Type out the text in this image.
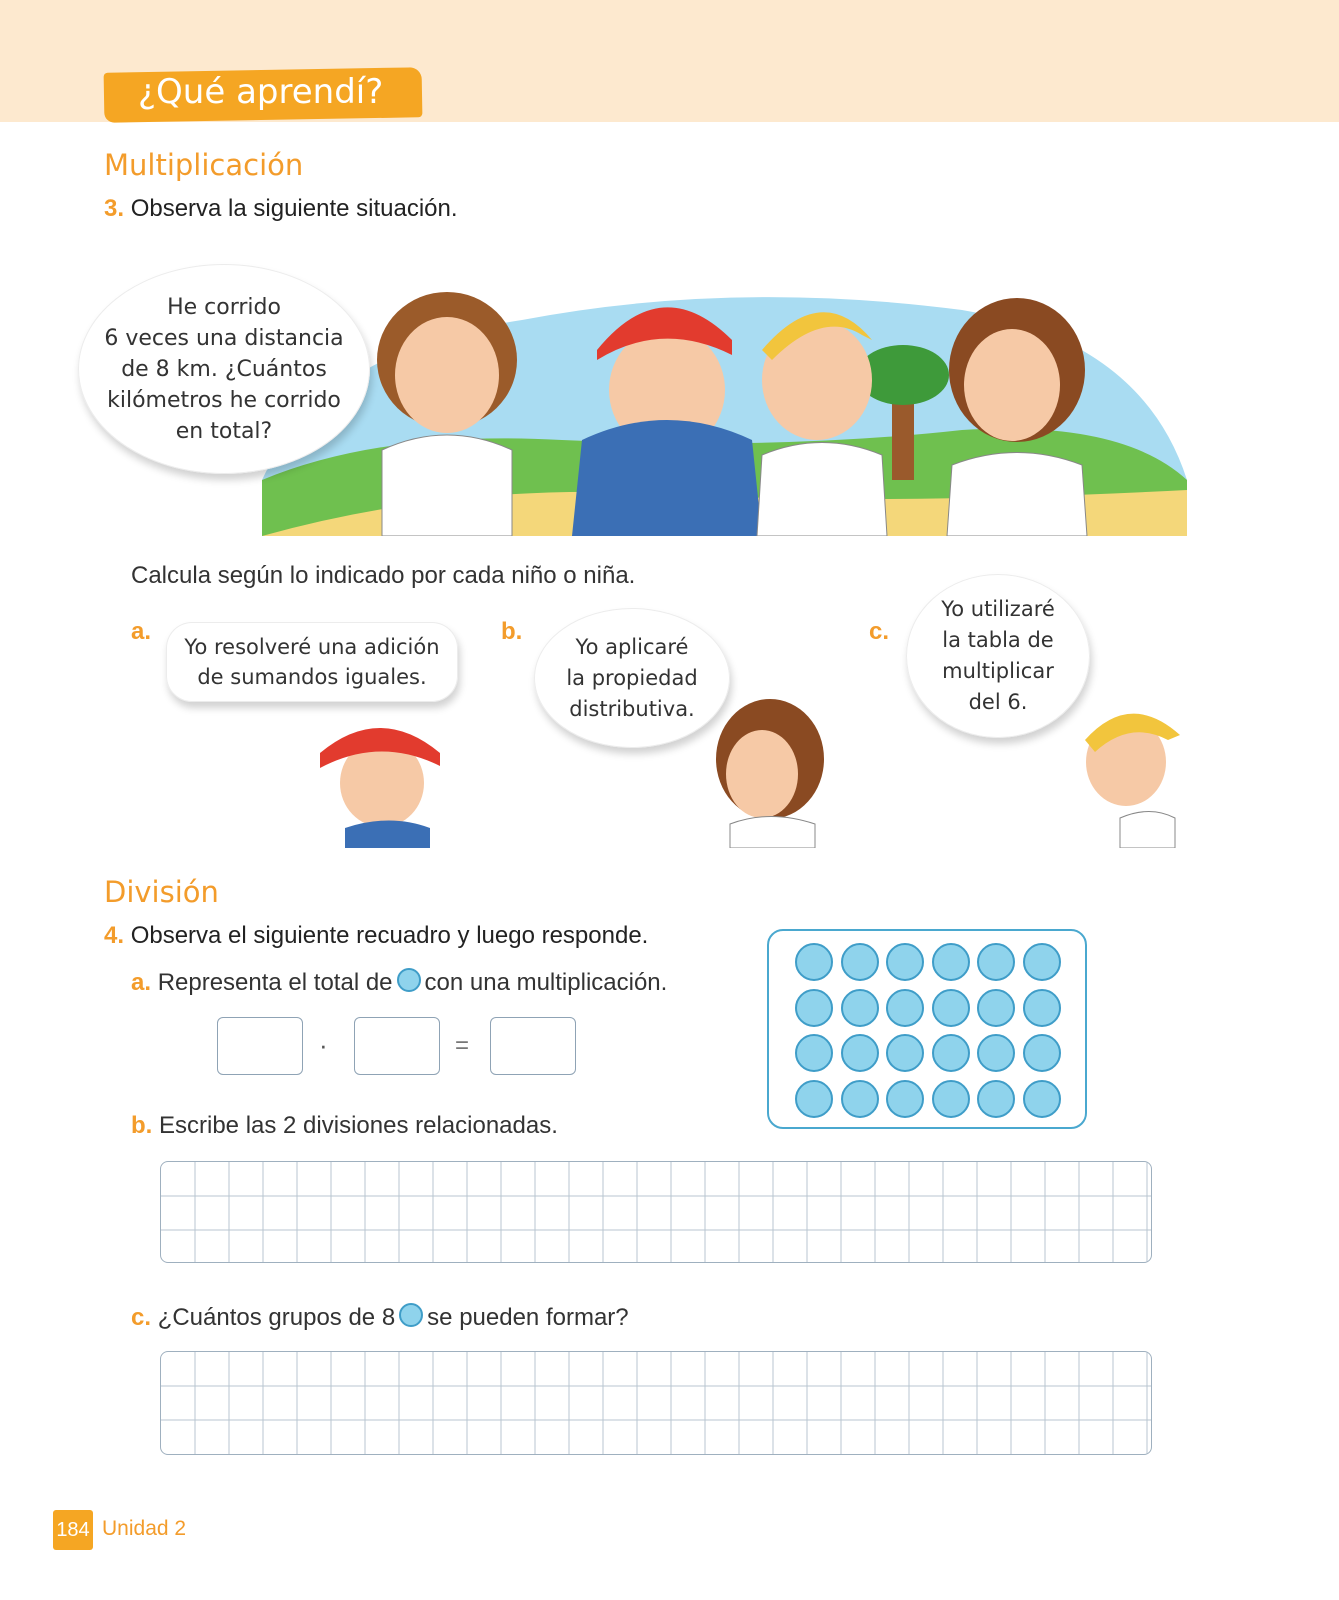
¿Qué aprendí?
Multiplicación
3. Observa la siguiente situación.
He corrido
6 veces una distancia
de 8 km. ¿Cuántos
kilómetros he corrido
en total?
Calcula según lo indicado por cada niño o niña.
a.
Yo resolveré una adición
de sumandos iguales.
b.
Yo aplicaré
la propiedad
distributiva.
c.
Yo utilizaré
la tabla de
multiplicar
del 6.
División
4. Observa el siguiente recuadro y luego responde.
a. Representa el total de con una multiplicación.
·	=
b. Escribe las 2 divisiones relacionadas.
c. ¿Cuántos grupos de 8 se pueden formar?
184 Unidad 2
